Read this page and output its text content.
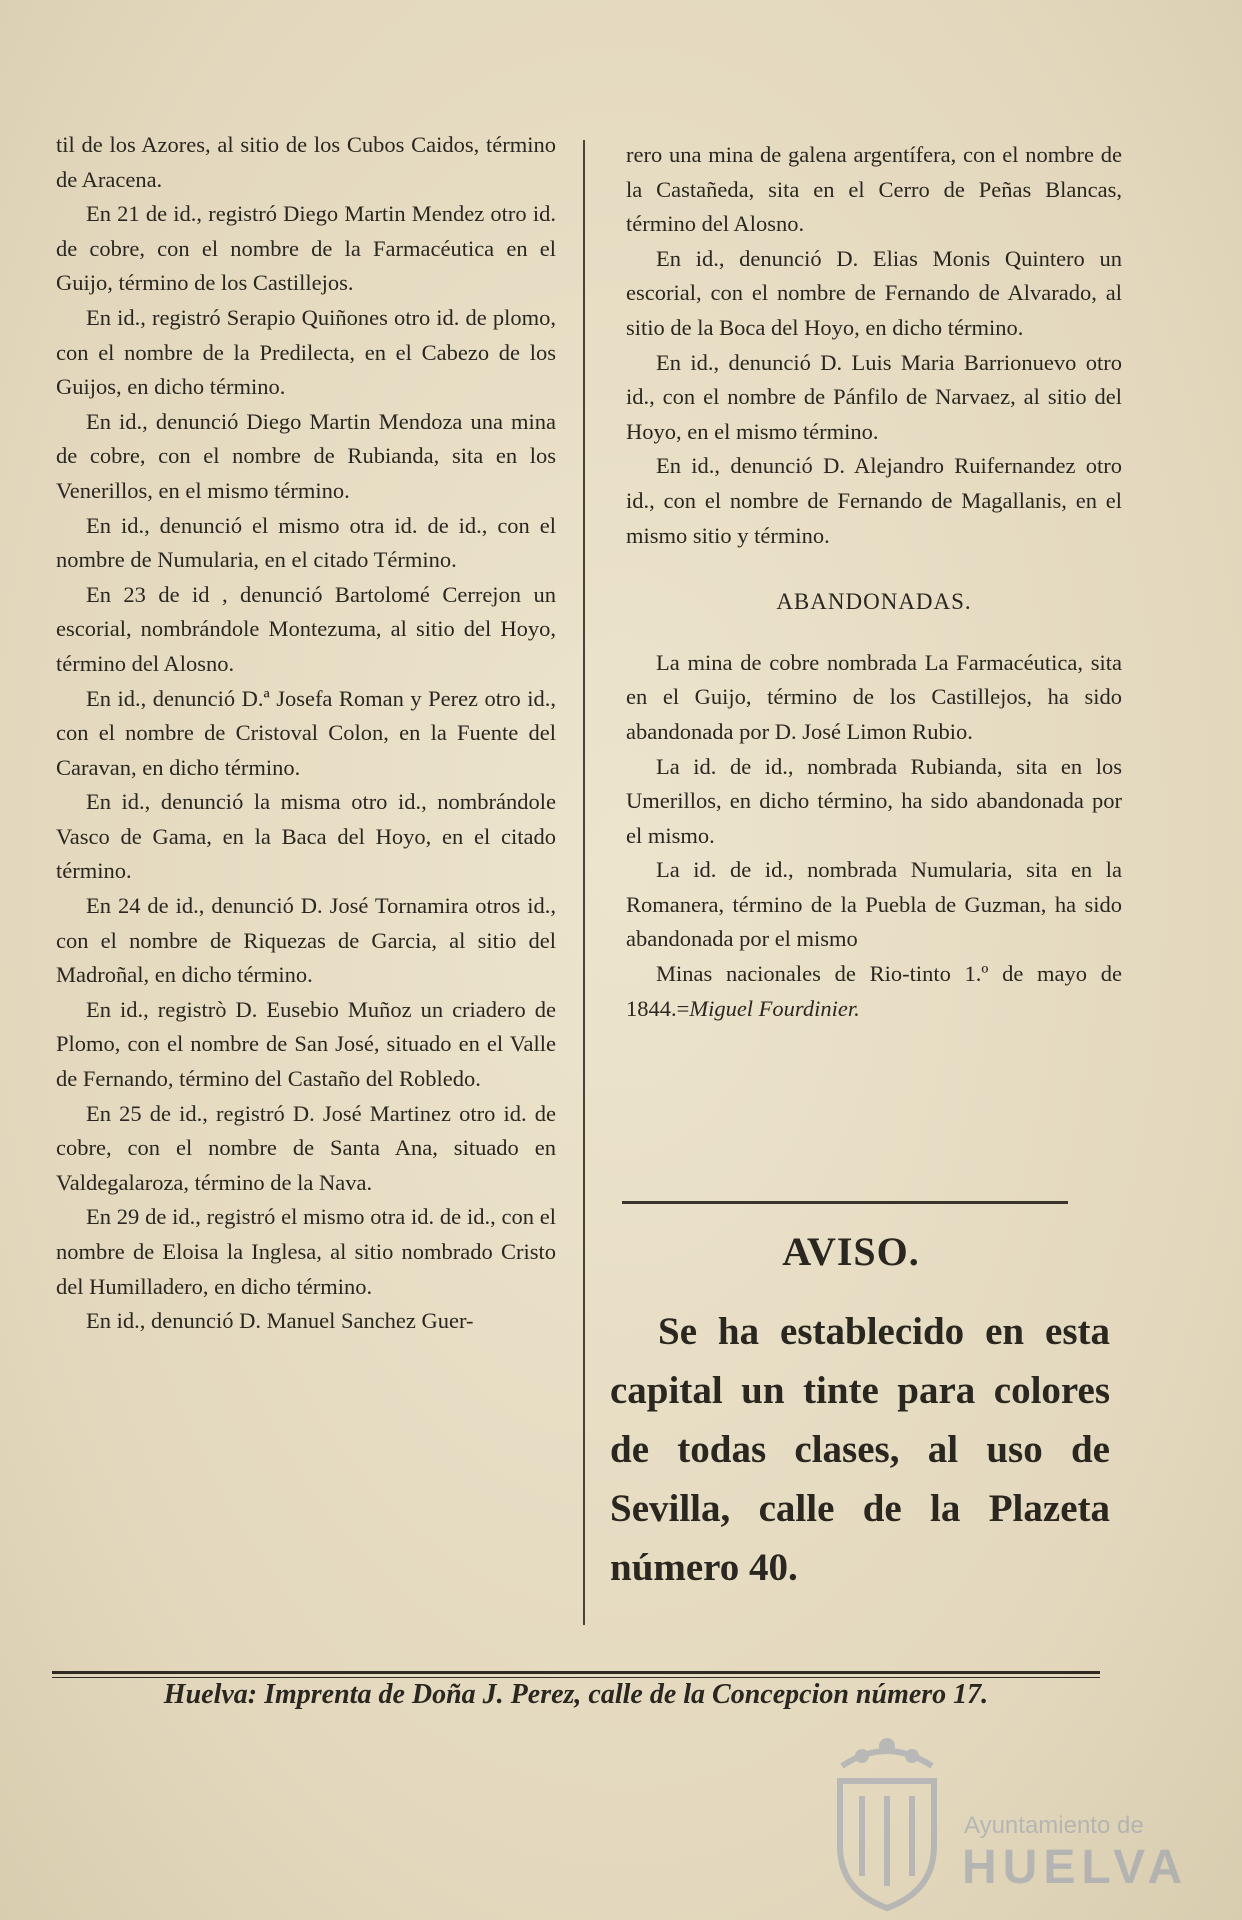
til de los Azores, al sitio de los Cubos Caidos, término de Aracena.

En 21 de id., registró Diego Martin Mendez otro id. de cobre, con el nombre de la Farmacéutica en el Guijo, término de los Castillejos.

En id., registró Serapio Quiñones otro id. de plomo, con el nombre de la Predilecta, en el Cabezo de los Guijos, en dicho término.

En id., denunció Diego Martin Mendoza una mina de cobre, con el nombre de Rubianda, sita en los Venerillos, en el mismo término.

En id., denunció el mismo otra id. de id., con el nombre de Numularia, en el citado Término.

En 23 de id , denunció Bartolomé Cerrejon un escorial, nombrándole Montezuma, al sitio del Hoyo, término del Alosno.

En id., denunció D.ª Josefa Roman y Perez otro id., con el nombre de Cristoval Colon, en la Fuente del Caravan, en dicho término.

En id., denunció la misma otro id., nombrándole Vasco de Gama, en la Baca del Hoyo, en el citado término.

En 24 de id., denunció D. José Tornamira otros id., con el nombre de Riquezas de Garcia, al sitio del Madroñal, en dicho término.

En id., registrò D. Eusebio Muñoz un criadero de Plomo, con el nombre de San José, situado en el Valle de Fernando, término del Castaño del Robledo.

En 25 de id., registró D. José Martinez otro id. de cobre, con el nombre de Santa Ana, situado en Valdegalaroza, término de la Nava.

En 29 de id., registró el mismo otra id. de id., con el nombre de Eloisa la Inglesa, al sitio nombrado Cristo del Humilladero, en dicho término.

En id., denunció D. Manuel Sanchez Guer-

rero una mina de galena argentífera, con el nombre de la Castañeda, sita en el Cerro de Peñas Blancas, término del Alosno.

En id., denunció D. Elias Monis Quintero un escorial, con el nombre de Fernando de Alvarado, al sitio de la Boca del Hoyo, en dicho término.

En id., denunció D. Luis Maria Barrionuevo otro id., con el nombre de Pánfilo de Narvaez, al sitio del Hoyo, en el mismo término.

En id., denunció D. Alejandro Ruifernandez otro id., con el nombre de Fernando de Magallanis, en el mismo sitio y término.

ABANDONADAS.

La mina de cobre nombrada La Farmacéutica, sita en el Guijo, término de los Castillejos, ha sido abandonada por D. José Limon Rubio.

La id. de id., nombrada Rubianda, sita en los Umerillos, en dicho término, ha sido abandonada por el mismo.

La id. de id., nombrada Numularia, sita en la Romanera, término de la Puebla de Guzman, ha sido abandonada por el mismo

Minas nacionales de Rio-tinto 1.º de mayo de 1844.=Miguel Fourdinier.

AVISO.
Se ha establecido en esta capital un tinte para colores de todas clases, al uso de Sevilla, calle de la Plazeta número 40.
Huelva: Imprenta de Doña J. Perez, calle de la Concepcion número 17.
Ayuntamiento de
HUELVA
